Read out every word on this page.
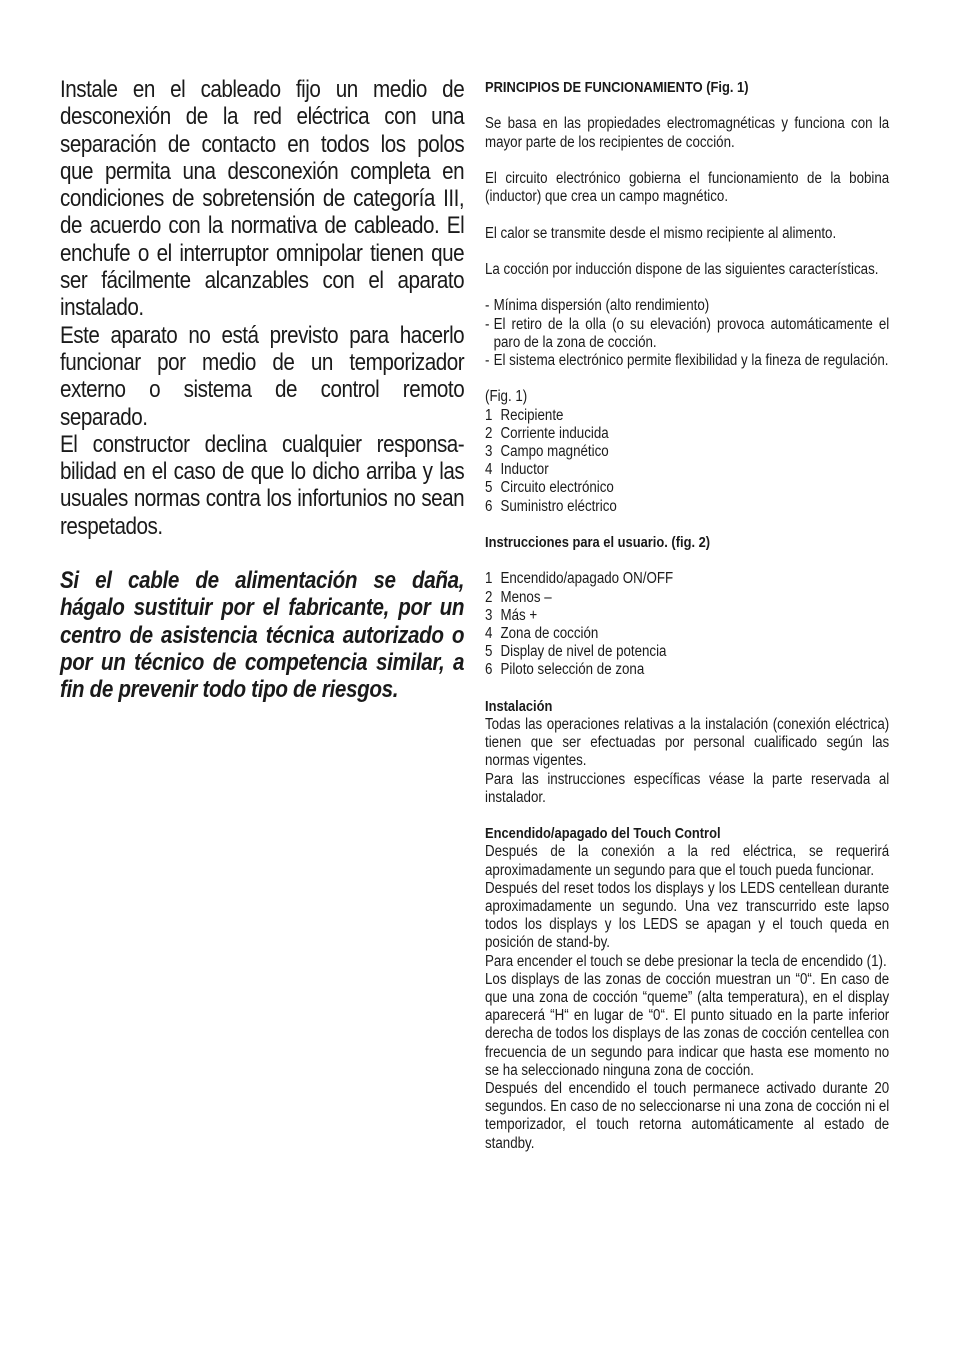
Instale en el cableado fijo un medio de desconexión de la red eléctrica con una separación de contacto en todos los polos que permita una desconexión completa en condiciones de sobretensión de categoría III, de acuerdo con la normativa de cableado. El enchufe o el interruptor omnipolar tienen que ser fácilmente alcanzables con el aparato instalado.

Este aparato no está previsto para hacerlo funcionar por medio de un temporizador externo o sistema de control remoto separado.

El constructor declina cualquier responsa-bilidad en el caso de que lo dicho arriba y las usuales normas contra los infortunios no sean respetados.

Si el cable de alimentación se daña, hágalo sustituir por el fabricante, por un centro de asistencia técnica autorizado o por un técnico de competencia similar, a fin de prevenir todo tipo de riesgos.

PRINCIPIOS DE FUNCIONAMIENTO (Fig. 1)

Se basa en las propiedades electromagnéticas y funciona con la mayor parte de los recipientes de cocción.

El circuito electrónico gobierna el funcionamiento de la bobina (inductor) que crea un campo magnético.

El calor se transmite desde el mismo recipiente al alimento.

La cocción por inducción dispone de las siguientes características.

- Mínima dispersión (alto rendimiento)
- El retiro de la olla (o su elevación) provoca automáticamente el paro de la zona de cocción.
- El sistema electrónico permite flexibilidad y la fineza de regulación.

(Fig. 1)

1 Recipiente
2 Corriente inducida
3 Campo magnético
4 Inductor
5 Circuito electrónico
6 Suministro eléctrico

Instrucciones para el usuario. (fig. 2)

1 Encendido/apagado ON/OFF
2 Menos –
3 Más +
4 Zona de cocción
5 Display de nivel de potencia
6 Piloto selección de zona

Instalación

Todas las operaciones relativas a la instalación (conexión eléctrica) tienen que ser efectuadas por personal cualificado según las normas vigentes.

Para las instrucciones específicas véase la parte reservada al instalador.

Encendido/apagado del Touch Control

Después de la conexión a la red eléctrica, se requerirá aproximadamente un segundo para que el touch pueda funcionar.

Después del reset todos los displays y los LEDS centellean durante aproximadamente un segundo. Una vez transcurrido este lapso todos los displays y los LEDS se apagan y el touch queda en posición de stand-by.

Para encender el touch se debe presionar la tecla de encendido (1).

Los displays de las zonas de cocción muestran un “0“. En caso de que una zona de cocción “queme” (alta temperatura), en el display aparecerá “H“ en lugar de “0“. El punto situado en la parte inferior derecha de todos los displays de las zonas de cocción centellea con frecuencia de un segundo para indicar que hasta ese momento no se ha seleccionado ninguna zona de cocción.

Después del encendido el touch permanece activado durante 20 segundos. En caso de no seleccionarse ni una zona de cocción ni el temporizador, el touch retorna automáticamente al estado de standby.
